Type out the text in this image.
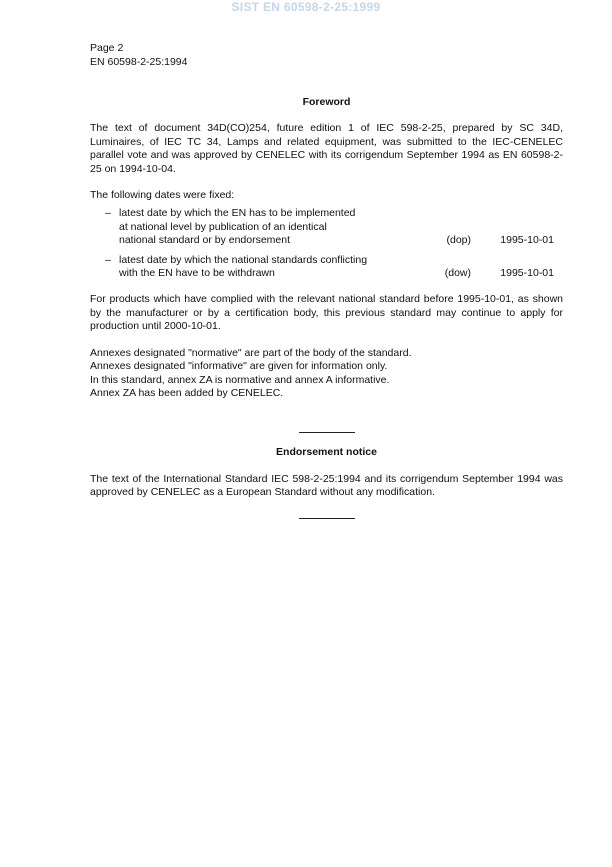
SIST EN 60598-2-25:1999
Page 2
EN 60598-2-25:1994
Foreword

The text of document 34D(CO)254, future edition 1 of IEC 598-2-25, prepared by SC 34D, Luminaires, of IEC TC 34, Lamps and related equipment, was submitted to the IEC-CENELEC parallel vote and was approved by CENELEC with its corrigendum September 1994 as EN 60598-2-25 on 1994-10-04.

The following dates were fixed:

– latest date by which the EN has to be implemented
at national level by publication of an identical
national standard or by endorsement	(dop)	1995-10-01
– latest date by which the national standards conflicting
with the EN have to be withdrawn	(dow)	1995-10-01

For products which have complied with the relevant national standard before 1995-10-01, as shown by the manufacturer or by a certification body, this previous standard may continue to apply for production until 2000-10-01.

Annexes designated "normative" are part of the body of the standard.
Annexes designated "informative" are given for information only.
In this standard, annex ZA is normative and annex A informative.
Annex ZA has been added by CENELEC.
Endorsement notice

The text of the International Standard IEC 598-2-25:1994 and its corrigendum September 1994 was approved by CENELEC as a European Standard without any modification.
